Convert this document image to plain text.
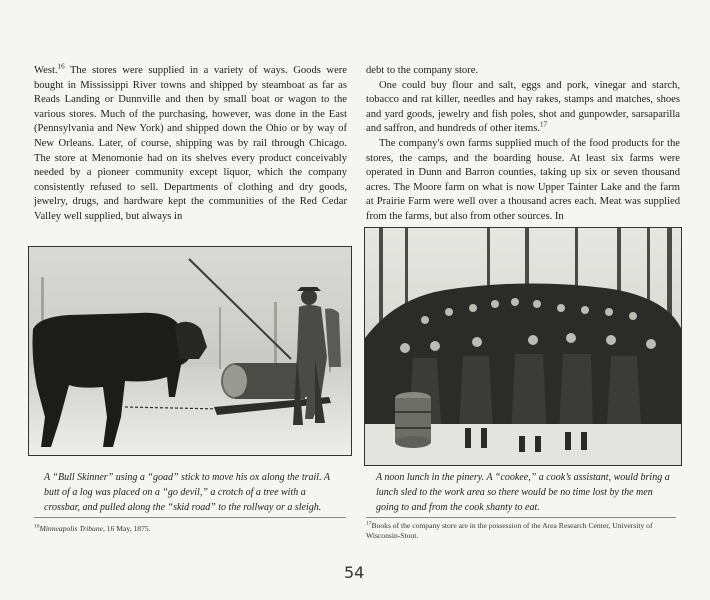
West.$^{16}$ The stores were supplied in a variety of ways. Goods were bought in Mississippi River towns and shipped by steamboat as far as Reads Landing or Dunnville and then by small boat or wagon to the various stores. Much of the purchasing, however, was done in the East (Pennsylvania and New York) and shipped down the Ohio or by way of New Orleans. Later, of course, shipping was by rail through Chicago. The store at Menomonie had on its shelves every product conceivably needed by a pioneer community except liquor, which the company consistently refused to sell. Departments of clothing and dry goods, jewelry, drugs, and hardware kept the communities of the Red Cedar Valley well supplied, but always in

debt to the company store.

One could buy flour and salt, eggs and pork, vinegar and starch, tobacco and rat killer, needles and hay rakes, stamps and matches, shoes and yard goods, jewelry and fish poles, shot and gunpowder, sarsaparilla and saffron, and hundreds of other items.$^{17}$

The company's own farms supplied much of the food products for the stores, the camps, and the boarding house. At least six farms were operated in Dunn and Barron counties, taking up six or seven thousand acres. The Moore farm on what is now Upper Tainter Lake and the farm at Prairie Farm were well over a thousand acres each. Meat was supplied from the farms, but also from other sources. In

A “Bull Skinner” using a “goad” stick to move his ox along the trail. A butt of a log was placed on a “go devil,” a crotch of a tree with a crossbar, and pulled along the “skid road” to the rollway or a sleigh.
A noon lunch in the pinery. A “cookee,” a cook’s assistant, would bring a lunch sled to the work area so there would be no time lost by the men going to and from the cook shanty to eat.
$^{16}$Minneapolis Tribune, 16 May, 1875.
$^{17}$Books of the company store are in the possession of the Area Research Center, University of Wisconsin-Stout.
54
